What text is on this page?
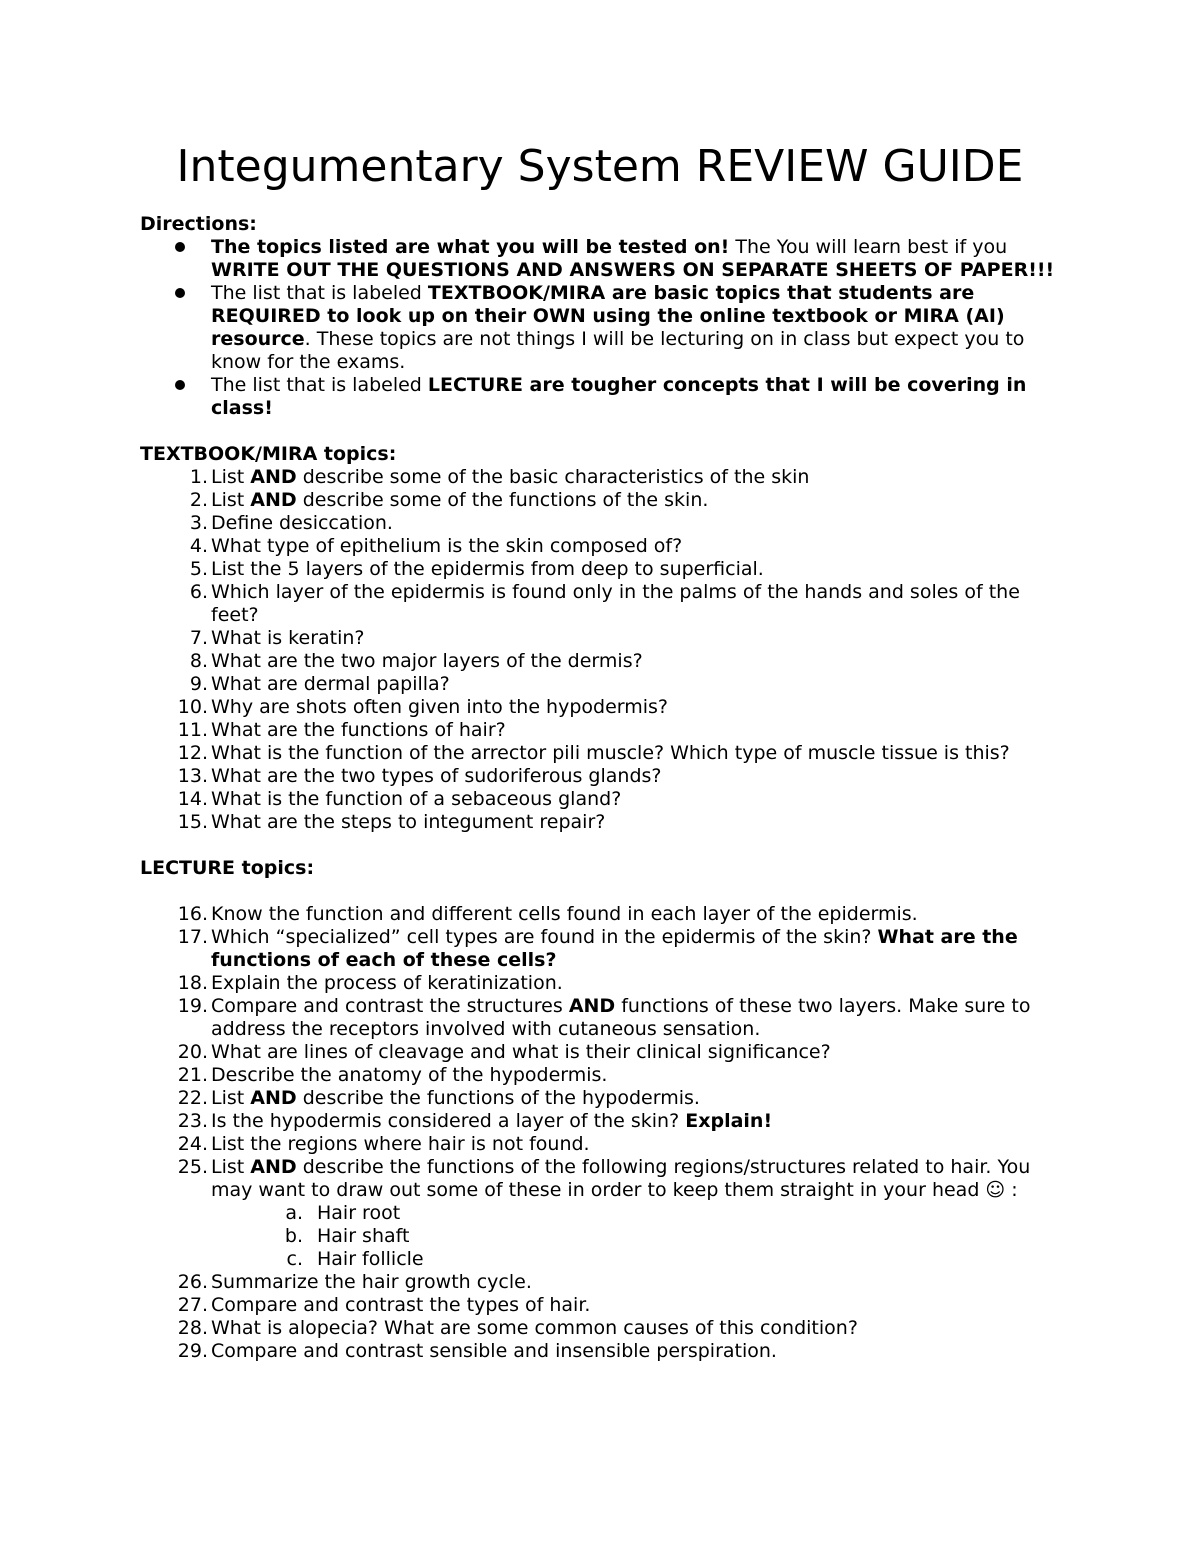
Integumentary System REVIEW GUIDE

Directions:

The topics listed are what you will be tested on! The You will learn best if you WRITE OUT THE QUESTIONS AND ANSWERS ON SEPARATE SHEETS OF PAPER!!!
The list that is labeled TEXTBOOK/MIRA are basic topics that students are REQUIRED to look up on their OWN using the online textbook or MIRA (AI) resource. These topics are not things I will be lecturing on in class but expect you to know for the exams.
The list that is labeled LECTURE are tougher concepts that I will be covering in class!

TEXTBOOK/MIRA topics:

1. List AND describe some of the basic characteristics of the skin
2. List AND describe some of the functions of the skin.
3. Define desiccation.
4. What type of epithelium is the skin composed of?
5. List the 5 layers of the epidermis from deep to superficial.
6. Which layer of the epidermis is found only in the palms of the hands and soles of the feet?
7. What is keratin?
8. What are the two major layers of the dermis?
9. What are dermal papilla?
10. Why are shots often given into the hypodermis?
11. What are the functions of hair?
12. What is the function of the arrector pili muscle? Which type of muscle tissue is this?
13. What are the two types of sudoriferous glands?
14. What is the function of a sebaceous gland?
15. What are the steps to integument repair?

LECTURE topics:

16. Know the function and different cells found in each layer of the epidermis.
17. Which “specialized” cell types are found in the epidermis of the skin? What are the functions of each of these cells?
18. Explain the process of keratinization.
19. Compare and contrast the structures AND functions of these two layers. Make sure to address the receptors involved with cutaneous sensation.
20. What are lines of cleavage and what is their clinical significance?
21. Describe the anatomy of the hypodermis.
22. List AND describe the functions of the hypodermis.
23. Is the hypodermis considered a layer of the skin? Explain!
24. List the regions where hair is not found.
25. List AND describe the functions of the following regions/structures related to hair. You may want to draw out some of these in order to keep them straight in your head ☺ :
a. Hair root
b. Hair shaft
c. Hair follicle
26. Summarize the hair growth cycle.
27. Compare and contrast the types of hair.
28. What is alopecia? What are some common causes of this condition?
29. Compare and contrast sensible and insensible perspiration.
